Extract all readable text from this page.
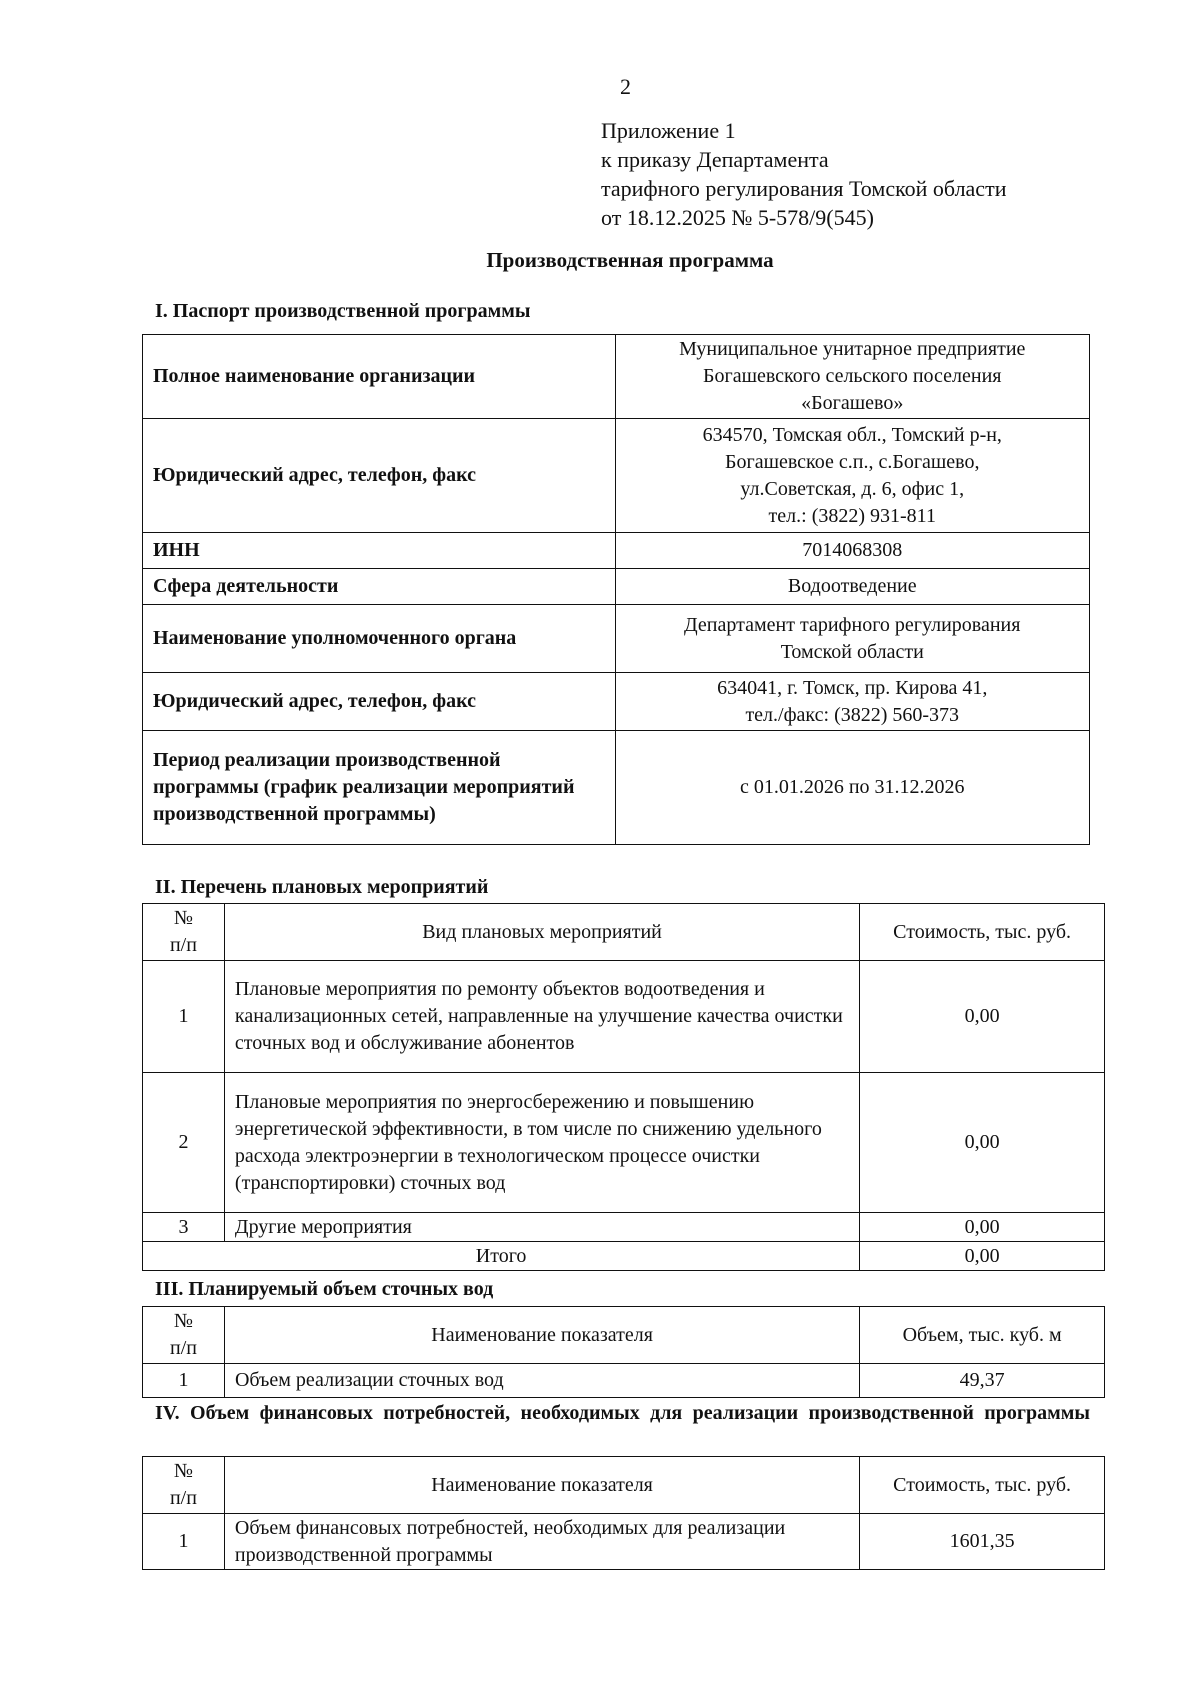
2
Приложение 1
к приказу Департамента
тарифного регулирования Томской области
от 18.12.2025 № 5-578/9(545)
Производственная программа
I. Паспорт производственной программы
Полное наименование организации	Муниципальное унитарное предприятие
Богашевского сельского поселения
«Богашево»

Юридический адрес, телефон, факс	634570, Томская обл., Томский р-н,
Богашевское с.п., с.Богашево,
ул.Советская, д. 6, офис 1,
тел.: (3822) 931-811

ИНН	7014068308

Сфера деятельности	Водоотведение

Наименование уполномоченного органа	Департамент тарифного регулирования
Томской области

Юридический адрес, телефон, факс	634041, г. Томск, пр. Кирова 41,
тел./факс: (3822) 560-373

Период реализации производственной программы (график реализации мероприятий производственной программы)	с 01.01.2026 по 31.12.2026
II. Перечень плановых мероприятий
№
п/п	Вид плановых мероприятий	Стоимость, тыс. руб.
1	Плановые мероприятия по ремонту объектов водоотведения и канализационных сетей, направленные на улучшение качества очистки сточных вод и обслуживание абонентов	0,00
2	Плановые мероприятия по энергосбережению и повышению энергетической эффективности, в том числе по снижению удельного расхода электроэнергии в технологическом процессе очистки (транспортировки) сточных вод	0,00
3	Другие мероприятия	0,00
Итого		0,00
III. Планируемый объем сточных вод
№
п/п	Наименование показателя	Объем, тыс. куб. м
1	Объем реализации сточных вод	49,37
IV. Объем финансовых потребностей, необходимых для реализации производственной программы
№
п/п	Наименование показателя	Стоимость, тыс. руб.
1	Объем финансовых потребностей, необходимых для реализации производственной программы	1601,35
